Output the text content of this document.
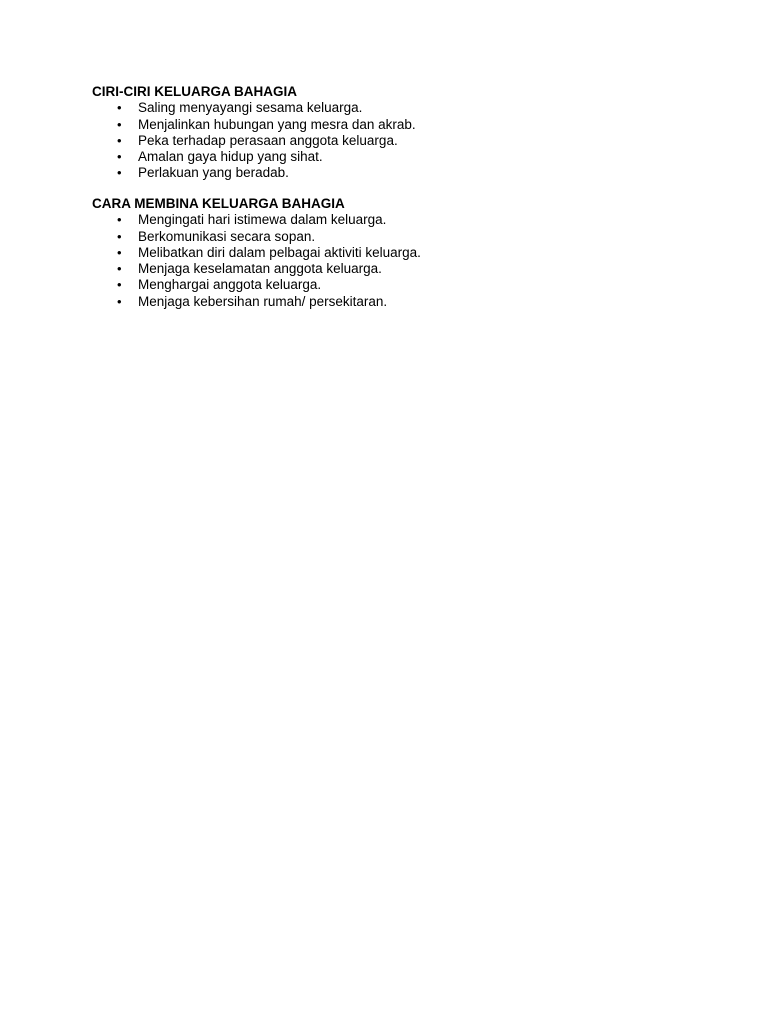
CIRI-CIRI KELUARGA BAHAGIA

• Saling menyayangi sesama keluarga.
• Menjalinkan hubungan yang mesra dan akrab.
• Peka terhadap perasaan anggota keluarga.
• Amalan gaya hidup yang sihat.
• Perlakuan yang beradab.

CARA MEMBINA KELUARGA BAHAGIA

• Mengingati hari istimewa dalam keluarga.
• Berkomunikasi secara sopan.
• Melibatkan diri dalam pelbagai aktiviti keluarga.
• Menjaga keselamatan anggota keluarga.
• Menghargai anggota keluarga.
• Menjaga kebersihan rumah/ persekitaran.
